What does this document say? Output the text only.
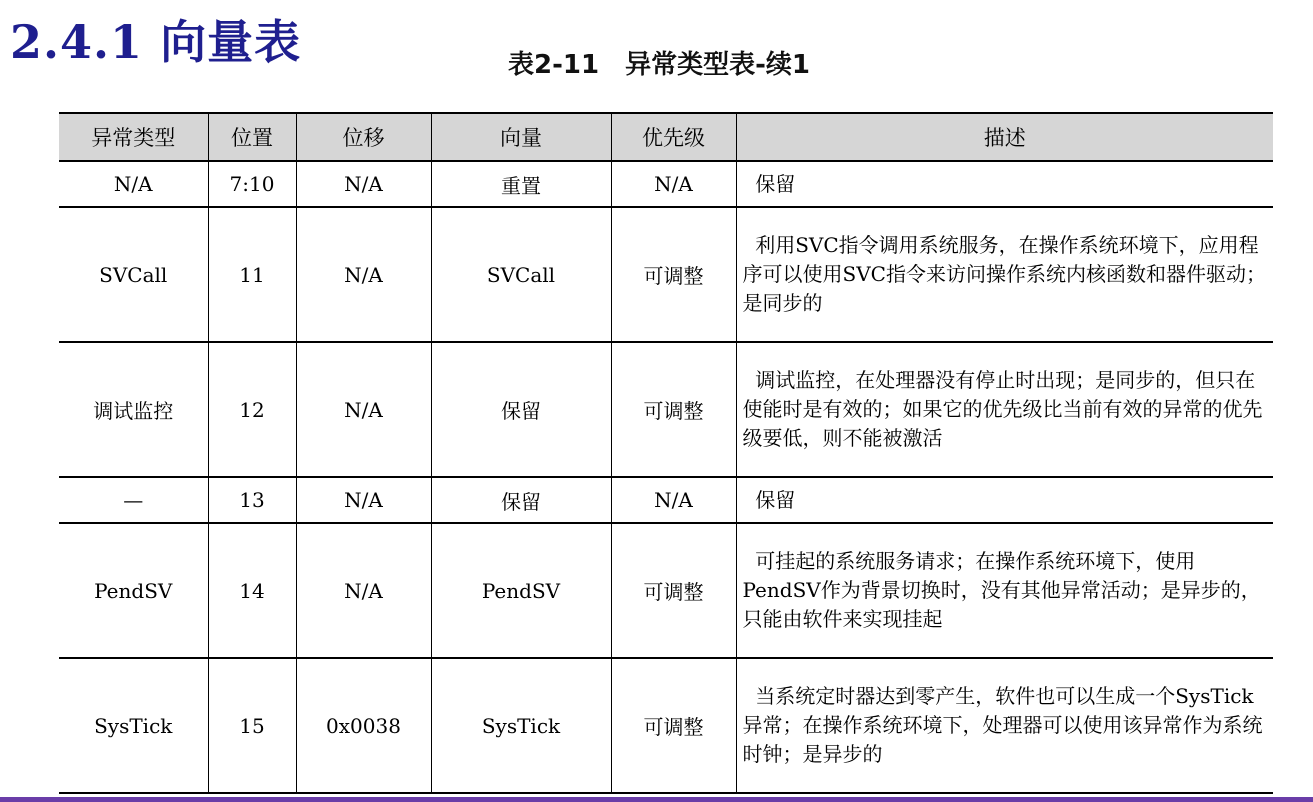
2.4.1 向量表	表2-11　异常类型表-续1
异常类型	位置	位移	向量	优先级	描述
N/A	7:10	N/A	重置	N/A	保留
SVCall	11	N/A	SVCall	可调整	利用SVC指令调用系统服务，在操作系统环境下，应用程序可以使用SVC指令来访问操作系统内核函数和器件驱动；是同步的
调试监控	12	N/A	保留	可调整	调试监控，在处理器没有停止时出现；是同步的，但只在使能时是有效的；如果它的优先级比当前有效的异常的优先级要低，则不能被激活
—	13	N/A	保留	N/A	保留
PendSV	14	N/A	PendSV	可调整	可挂起的系统服务请求；在操作系统环境下，使用PendSV作为背景切换时，没有其他异常活动；是异步的，只能由软件来实现挂起
SysTick	15	0x0038	SysTick	可调整	当系统定时器达到零产生，软件也可以生成一个SysTick异常；在操作系统环境下，处理器可以使用该异常作为系统时钟；是异步的
